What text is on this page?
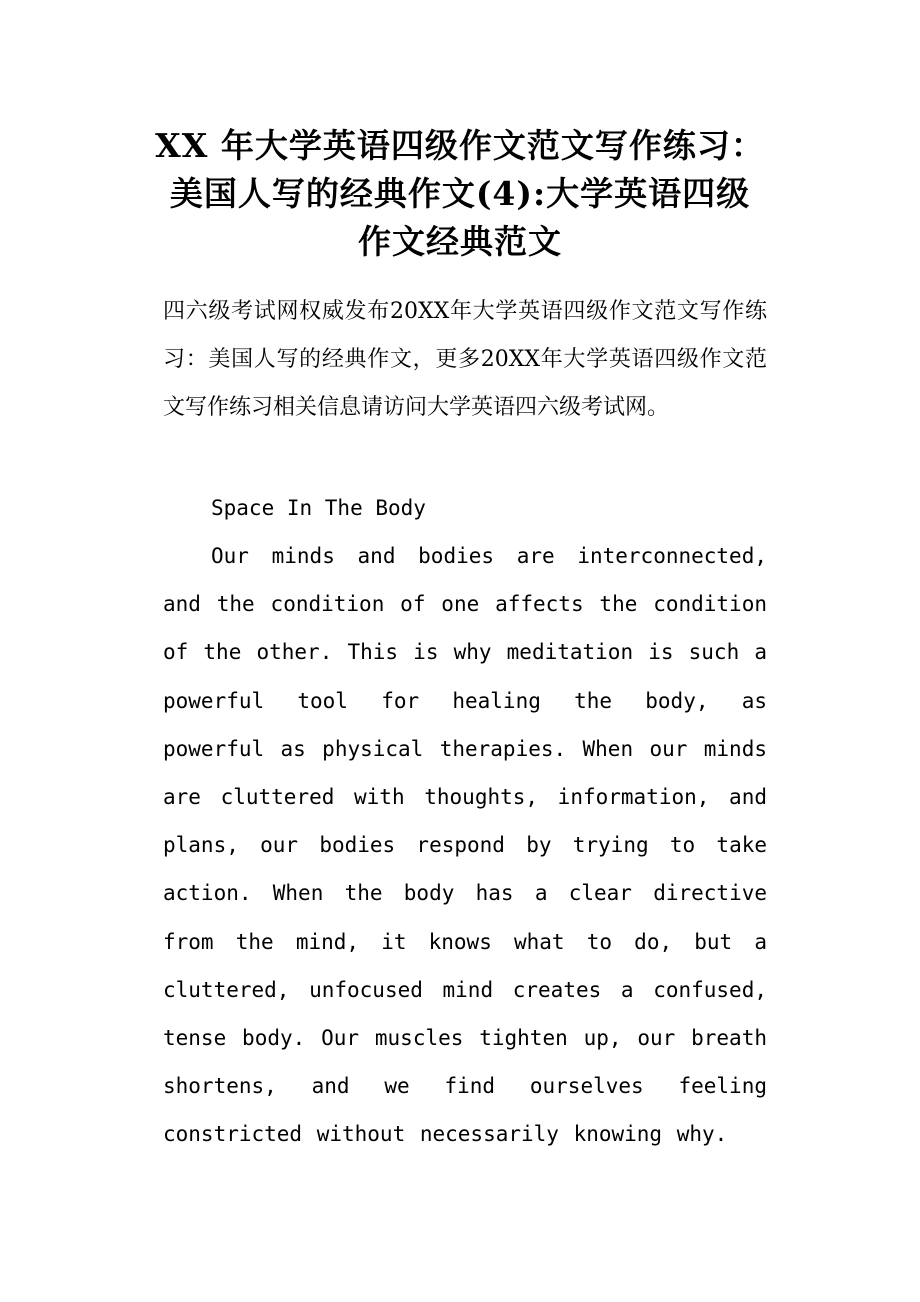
XX 年大学英语四级作文范文写作练习：
美国人写的经典作文(4):大学英语四级
作文经典范文

四六级考试网权威发布20XX年大学英语四级作文范文写作练习：美国人写的经典作文，更多20XX年大学英语四级作文范文写作练习相关信息请访问大学英语四六级考试网。

Space In The Body

Our minds and bodies are interconnected, and the condition of one affects the condition of the other. This is why meditation is such a powerful tool for healing the body, as powerful as physical therapies. When our minds are cluttered with thoughts, information, and plans, our bodies respond by trying to take action. When the body has a clear directive from the mind, it knows what to do, but a cluttered, unfocused mind creates a confused, tense body. Our muscles tighten up, our breath shortens, and we find ourselves feeling constricted without necessarily knowing why.
